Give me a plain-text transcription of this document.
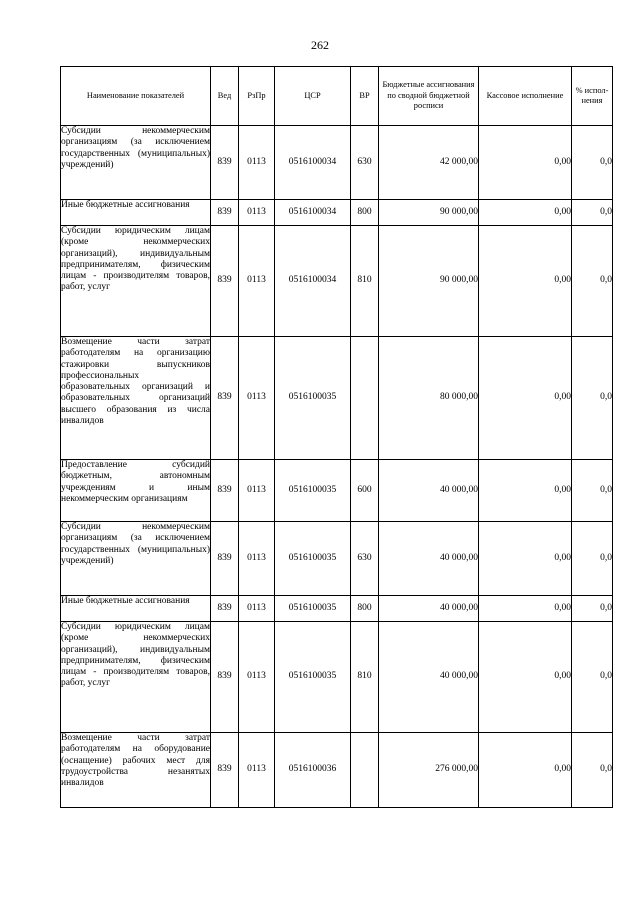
262
Наименование показателей	Вед	РзПр	ЦСР	ВР	Бюджетные ассигнования по сводной бюджетной росписи	Кассовое исполнение	% испол-нения
Субсидии некоммерческим организациям (за исключением государственных (муниципальных) учреждений)	839	0113	0516100034	630	42 000,00	0,00	0,0
Иные бюджетные ассигнования	839	0113	0516100034	800	90 000,00	0,00	0,0
Субсидии юридическим лицам (кроме некоммерческих организаций), индивидуальным предпринимателям, физическим лицам - производителям товаров, работ, услуг	839	0113	0516100034	810	90 000,00	0,00	0,0
Возмещение части затрат работодателям на организацию стажировки выпускников профессиональных образовательных организаций и образовательных организаций высшего образования из числа инвалидов	839	0113	0516100035		80 000,00	0,00	0,0
Предоставление субсидий бюджетным, автономным учреждениям и иным некоммерческим организациям	839	0113	0516100035	600	40 000,00	0,00	0,0
Субсидии некоммерческим организациям (за исключением государственных (муниципальных) учреждений)	839	0113	0516100035	630	40 000,00	0,00	0,0
Иные бюджетные ассигнования	839	0113	0516100035	800	40 000,00	0,00	0,0
Субсидии юридическим лицам (кроме некоммерческих организаций), индивидуальным предпринимателям, физическим лицам - производителям товаров, работ, услуг	839	0113	0516100035	810	40 000,00	0,00	0,0
Возмещение части затрат работодателям на оборудование (оснащение) рабочих мест для трудоустройства незанятых инвалидов	839	0113	0516100036		276 000,00	0,00	0,0
